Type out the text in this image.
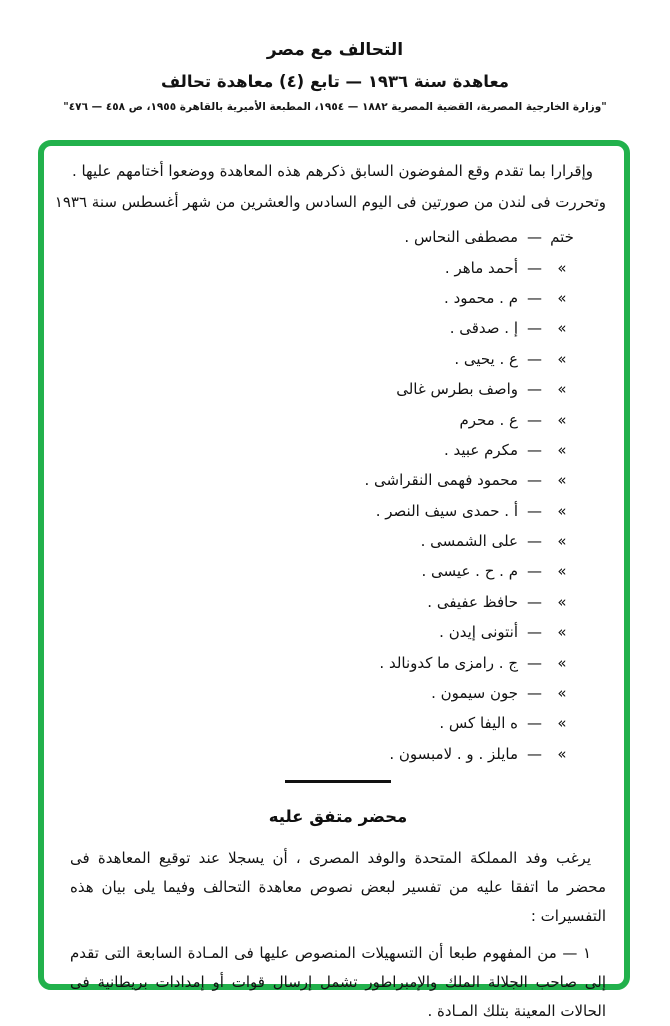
التحالف مع مصر
معاهدة سنة ١٩٣٦ — تابع (٤) معاهدة تحالف
"وزارة الخارجية المصرية، القضية المصرية ١٨٨٢ — ١٩٥٤، المطبعة الأميرية بالقاهرة ١٩٥٥، ص ٤٥٨ — ٤٧٦"

وإقرارا بما تقدم وقع المفوضون السابق ذكرهم هذه المعاهدة ووضعوا أختامهم عليها .
وتحررت فى لندن من صورتين فى اليوم السادس والعشرين من شهر أغسطس سنة ١٩٣٦

ختم
—
مصطفى النحاس .
»
—
أحمد ماهر .
»
—
م . محمود .
»
—
إ . صدقى .
»
—
ع . يحيى .
»
—
واصف بطرس غالى
»
—
ع . محرم
»
—
مكرم عبيد .
»
—
محمود فهمى النقراشى .
»
—
أ . حمدى سيف النصر .
»
—
على الشمسى .
»
—
م . ح . عيسى .
»
—
حافظ عفيفى .
»
—
أنتونى إيدن .
»
—
ج . رامزى ما كدونالد .
»
—
جون سيمون .
»
—
ه اليفا كس .
»
—
مايلز . و . لامبسون .
محضر متفق عليه

يرغب وفد المملكة المتحدة والوفد المصرى ، أن يسجلا عند توقيع المعاهدة فى محضر ما اتفقا عليه من تفسير لبعض نصوص معاهدة التحالف وفيما يلى بيان هذه التفسيرات :

١ — من المفهوم طبعا أن التسهيلات المنصوص عليها فى المـادة السابعة التى تقدم إلى صاحب الجلالة الملك والإمبراطور تشمل إرسال قوات أو إمدادات بريطانية فى الحالات المعينة بتلك المـادة .
